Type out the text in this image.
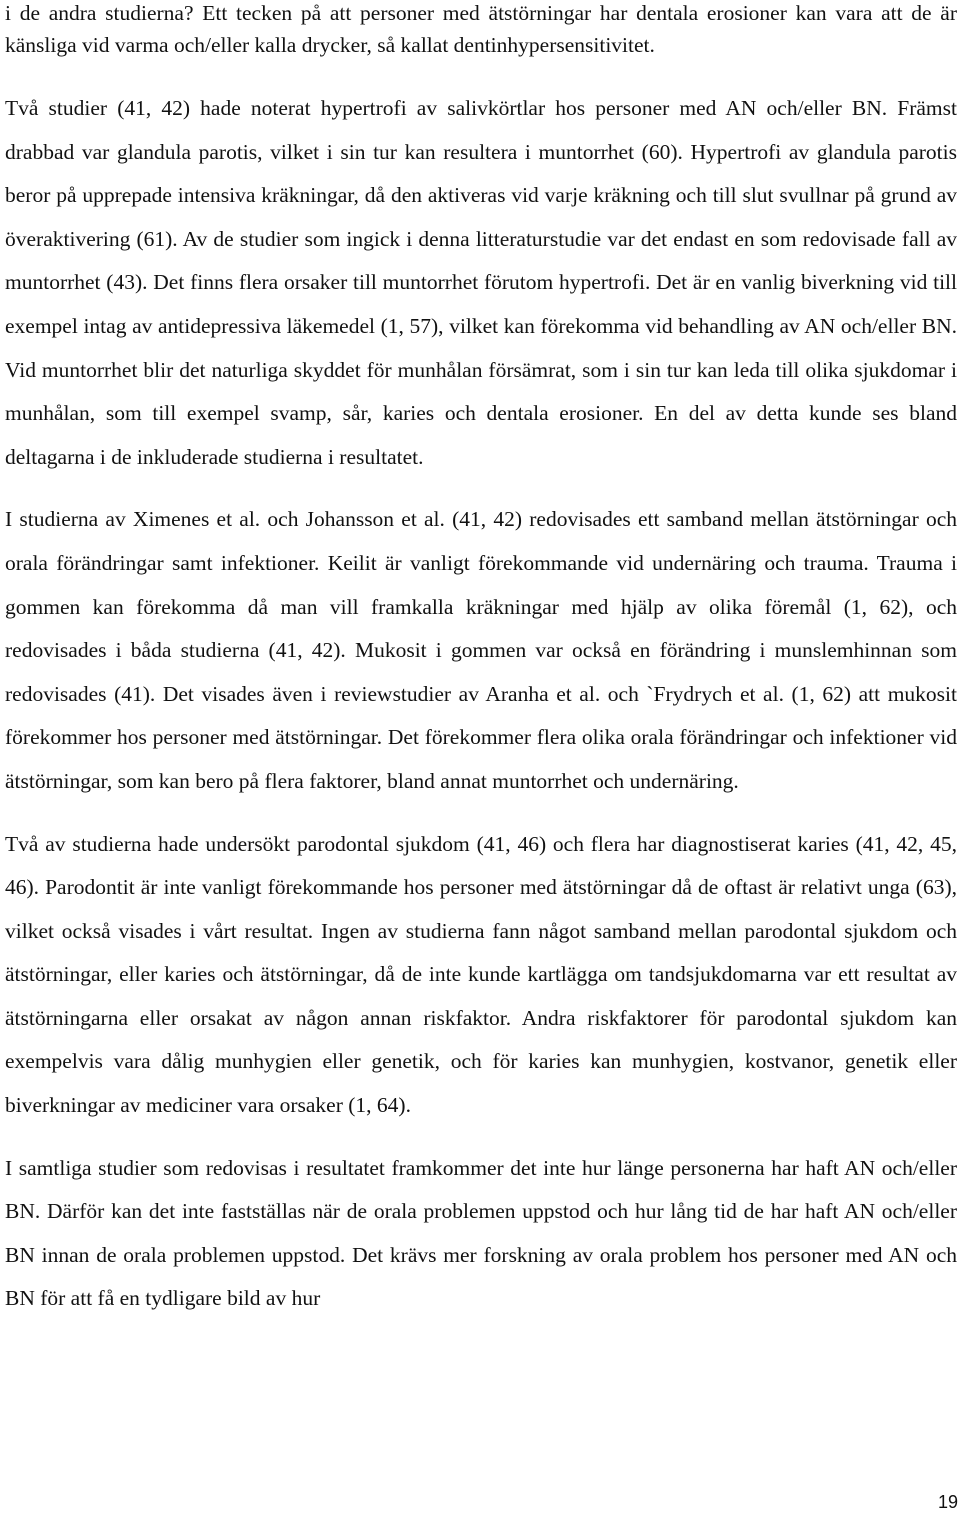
i de andra studierna? Ett tecken på att personer med ätstörningar har dentala erosioner kan vara att de är känsliga vid varma och/eller kalla drycker, så kallat dentinhypersensitivitet.

Två studier (41, 42) hade noterat hypertrofi av salivkörtlar hos personer med AN och/eller BN. Främst drabbad var glandula parotis, vilket i sin tur kan resultera i muntorrhet (60). Hypertrofi av glandula parotis beror på upprepade intensiva kräkningar, då den aktiveras vid varje kräkning och till slut svullnar på grund av överaktivering (61). Av de studier som ingick i denna litteraturstudie var det endast en som redovisade fall av muntorrhet (43). Det finns flera orsaker till muntorrhet förutom hypertrofi. Det är en vanlig biverkning vid till exempel intag av antidepressiva läkemedel (1, 57), vilket kan förekomma vid behandling av AN och/eller BN. Vid muntorrhet blir det naturliga skyddet för munhålan försämrat, som i sin tur kan leda till olika sjukdomar i munhålan, som till exempel svamp, sår, karies och dentala erosioner. En del av detta kunde ses bland deltagarna i de inkluderade studierna i resultatet.

I studierna av Ximenes et al. och Johansson et al. (41, 42) redovisades ett samband mellan ätstörningar och orala förändringar samt infektioner. Keilit är vanligt förekommande vid undernäring och trauma. Trauma i gommen kan förekomma då man vill framkalla kräkningar med hjälp av olika föremål (1, 62), och redovisades i båda studierna (41, 42). Mukosit i gommen var också en förändring i munslemhinnan som redovisades (41). Det visades även i reviewstudier av Aranha et al. och `Frydrych et al. (1, 62) att mukosit förekommer hos personer med ätstörningar. Det förekommer flera olika orala förändringar och infektioner vid ätstörningar, som kan bero på flera faktorer, bland annat muntorrhet och undernäring.

Två av studierna hade undersökt parodontal sjukdom (41, 46) och flera har diagnostiserat karies (41, 42, 45, 46). Parodontit är inte vanligt förekommande hos personer med ätstörningar då de oftast är relativt unga (63), vilket också visades i vårt resultat. Ingen av studierna fann något samband mellan parodontal sjukdom och ätstörningar, eller karies och ätstörningar, då de inte kunde kartlägga om tandsjukdomarna var ett resultat av ätstörningarna eller orsakat av någon annan riskfaktor. Andra riskfaktorer för parodontal sjukdom kan exempelvis vara dålig munhygien eller genetik, och för karies kan munhygien, kostvanor, genetik eller biverkningar av mediciner vara orsaker (1, 64).

I samtliga studier som redovisas i resultatet framkommer det inte hur länge personerna har haft AN och/eller BN. Därför kan det inte fastställas när de orala problemen uppstod och hur lång tid de har haft AN och/eller BN innan de orala problemen uppstod. Det krävs mer forskning av orala problem hos personer med AN och BN för att få en tydligare bild av hur

19
